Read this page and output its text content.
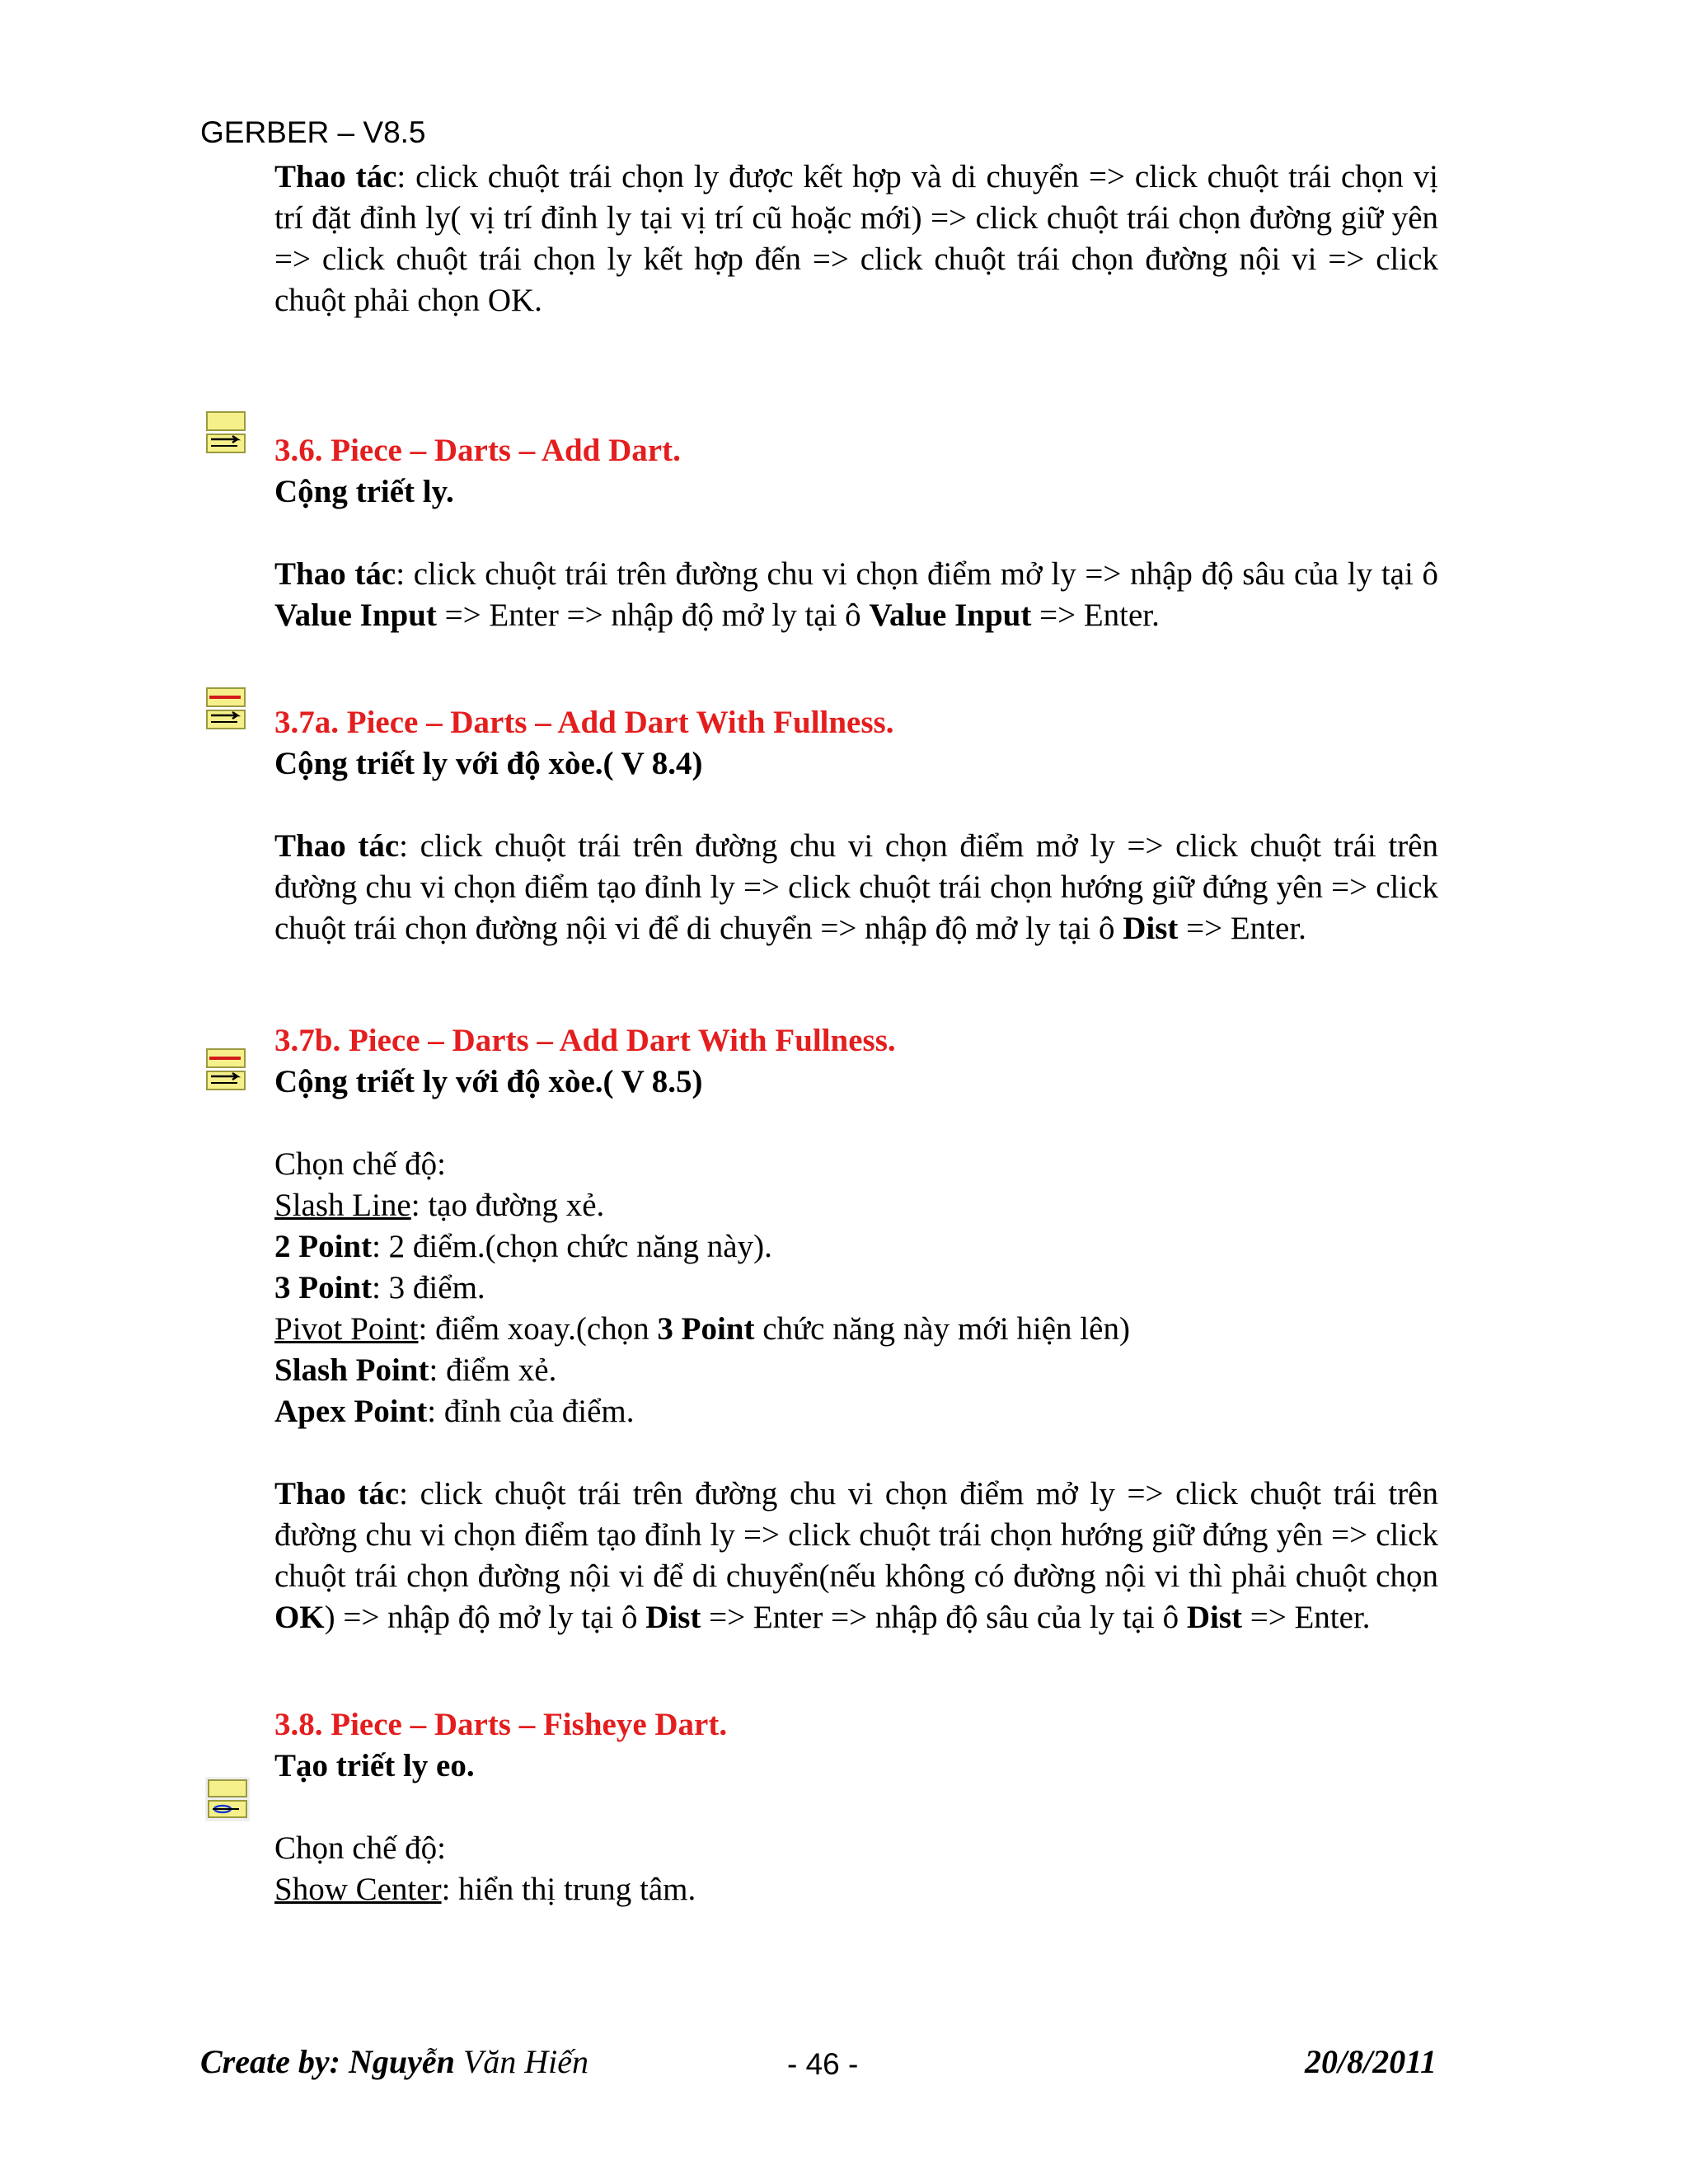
GERBER – V8.5

Thao tác: click chuột trái chọn ly được kết hợp và di chuyển => click chuột trái chọn vị trí đặt đỉnh ly( vị trí đỉnh ly tại vị trí cũ hoặc mới) => click chuột trái chọn đường giữ yên => click chuột trái chọn ly kết hợp đến => click chuột trái chọn đường nội vi => click chuột phải chọn OK.

3.6. Piece – Darts – Add Dart.

Cộng triết ly.

Thao tác: click chuột trái trên đường chu vi chọn điểm mở ly => nhập độ sâu của ly tại ô Value Input => Enter => nhập độ mở ly tại ô Value Input => Enter.

3.7a. Piece – Darts – Add Dart With Fullness.

Cộng triết ly với độ xòe.( V 8.4)

Thao tác: click chuột trái trên đường chu vi chọn điểm mở ly => click chuột trái trên đường chu vi chọn điểm tạo đỉnh ly => click chuột trái chọn hướng giữ đứng yên => click chuột trái chọn đường nội vi để di chuyển => nhập độ mở ly tại ô Dist => Enter.

3.7b. Piece – Darts – Add Dart With Fullness.

Cộng triết ly với độ xòe.( V 8.5)

Chọn chế độ:

Slash Line: tạo đường xẻ.

2 Point: 2 điểm.(chọn chức năng này).

3 Point: 3 điểm.

Pivot Point: điểm xoay.(chọn 3 Point chức năng này mới hiện lên)

Slash Point: điểm xẻ.

Apex Point: đỉnh của điểm.

Thao tác: click chuột trái trên đường chu vi chọn điểm mở ly => click chuột trái trên đường chu vi chọn điểm tạo đỉnh ly => click chuột trái chọn hướng giữ đứng yên => click chuột trái chọn đường nội vi để di chuyển(nếu không có đường nội vi thì phải chuột chọn OK) => nhập độ mở ly tại ô Dist => Enter => nhập độ sâu của ly tại ô Dist => Enter.

3.8. Piece – Darts – Fisheye Dart.

Tạo triết ly eo.

Chọn chế độ:

Show Center: hiển thị trung tâm.

Create by: Nguyễn Văn Hiến	- 46 -	20/8/2011
